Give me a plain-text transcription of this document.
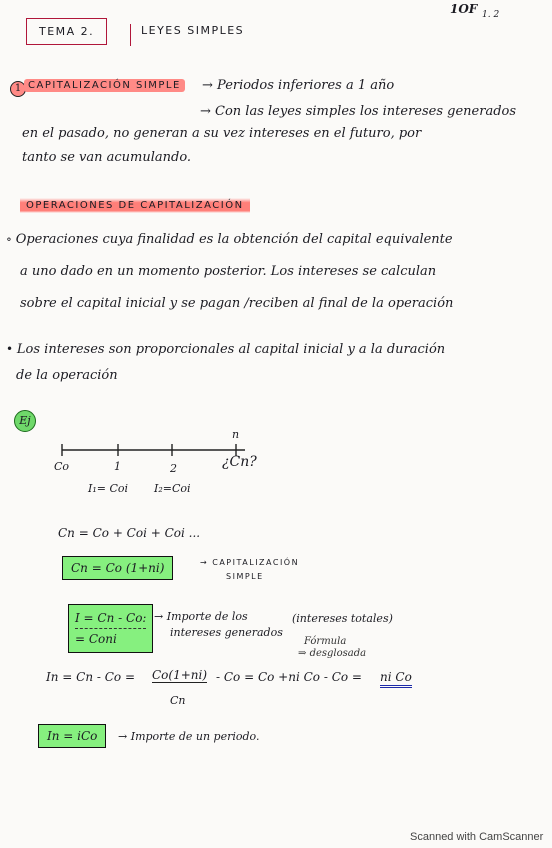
TEMA 2.	LEYES SIMPLES
1OF 1. 2
1 CAPITALIZACIÓN SIMPLE	→ Periodos inferiores a 1 año
→ Con las leyes simples los intereses generados
en el pasado, no generan a su vez intereses en el futuro, por
tanto se van acumulando.
OPERACIONES DE CAPITALIZACIÓN
∘ Operaciones cuya finalidad es la obtención del capital equivalente
a uno dado en un momento posterior. Los intereses se calculan
sobre el capital inicial y se pagan /reciben al final de la operación
• Los intereses son proporcionales al capital inicial y a la duración
de la operación
Ej
n
Co	1	2	¿Cn?
I₁= Coi I₂=Coi
Cn = Co + Coi + Coi ...
Cn = Co (1+ni)	→ CAPITALIZACIÓN
SIMPLE
I = Cn - Co:
= Coni
→ Importe de los
intereses generados
(intereses totales)
Fórmula
⇒ desglosada
In = Cn - Co = Co(1+ni)
Cn
- Co = Co +ni Co - Co = ni Co
In = iCo	→ Importe de un periodo.
Scanned with CamScanner
